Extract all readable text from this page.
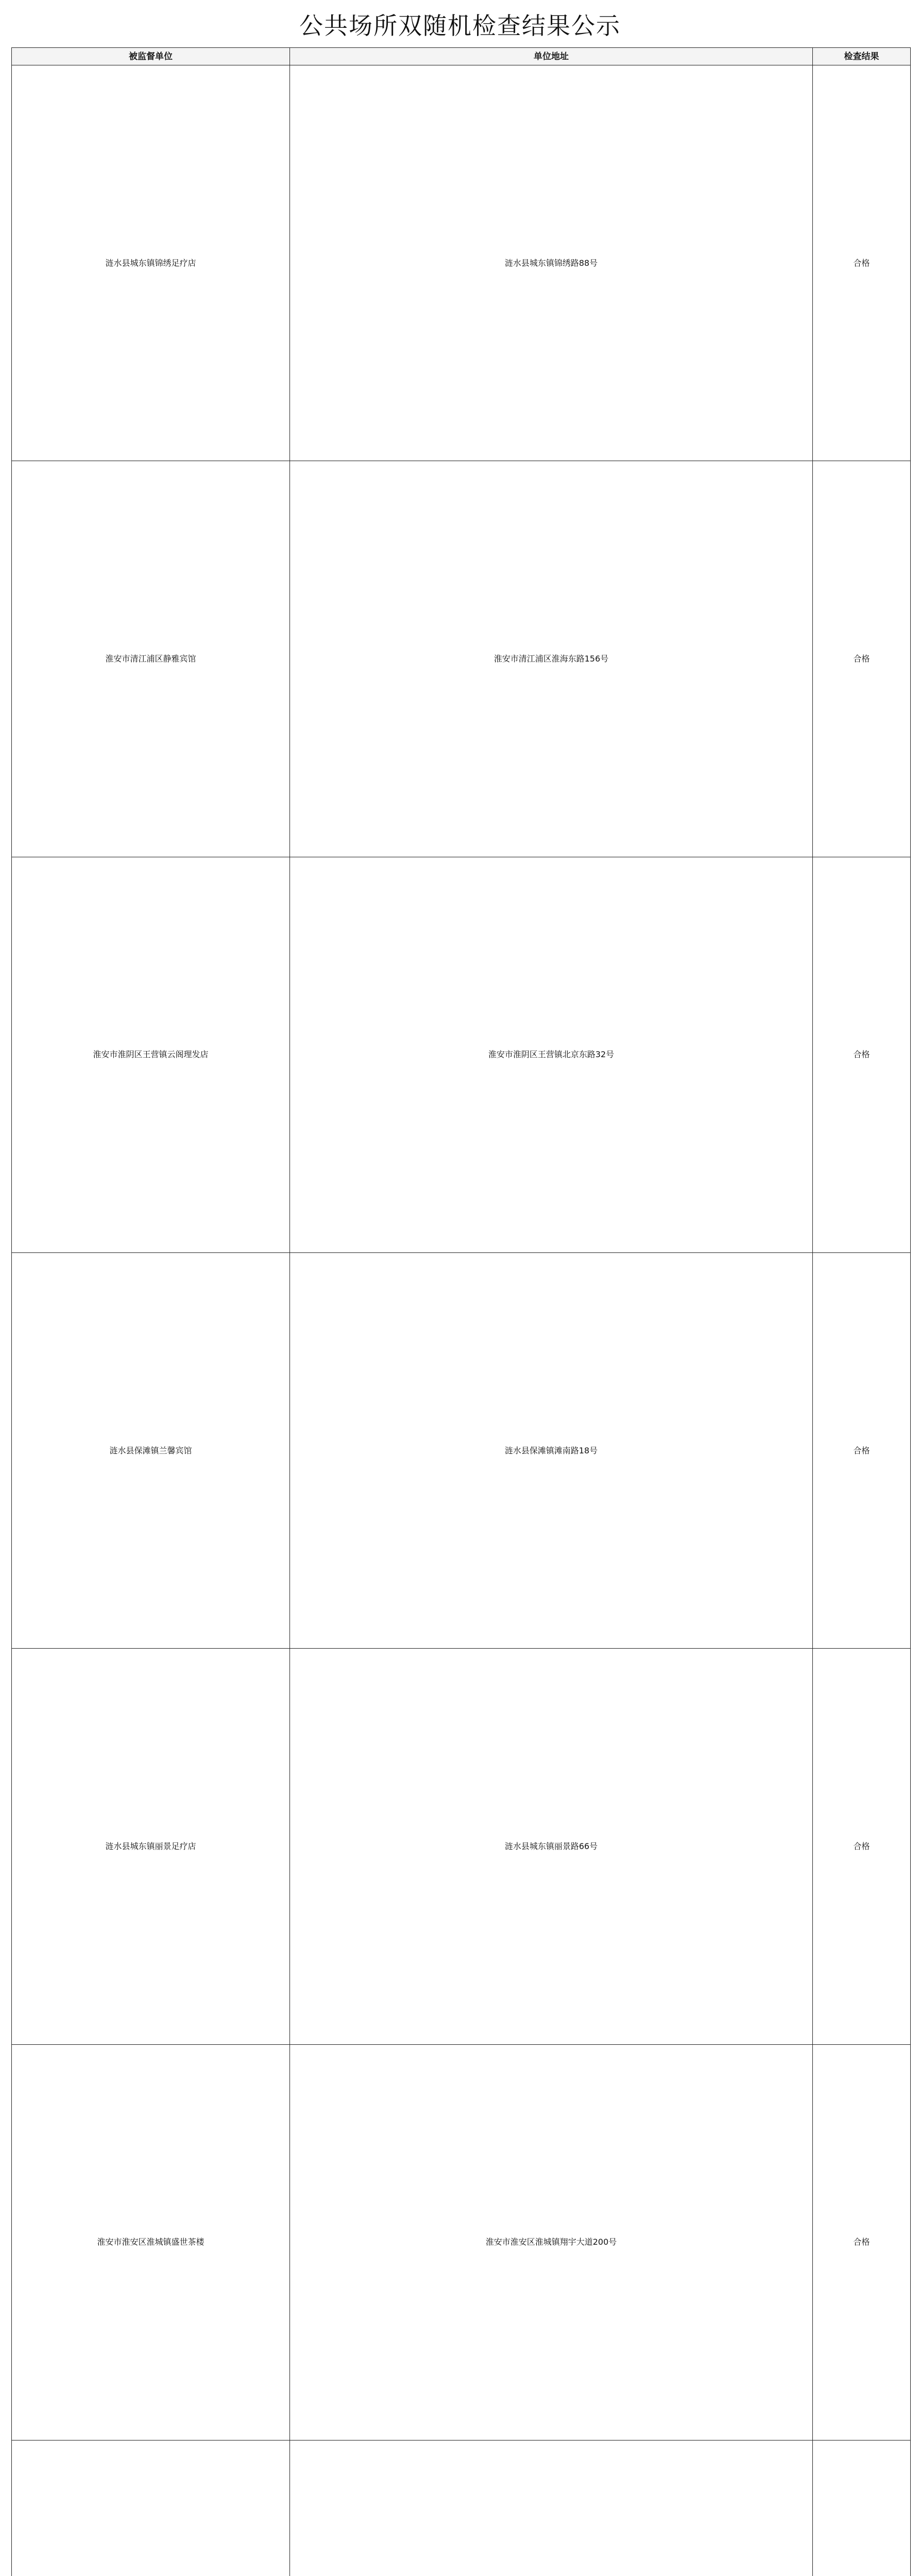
公共场所双随机检查结果公示
被监督单位	单位地址	检查结果
涟水县城东镇锦绣足疗店	涟水县城东镇锦绣路88号	合格
淮安市清江浦区静雅宾馆	淮安市清江浦区淮海东路156号	合格
淮安市淮阴区王营镇云阁理发店	淮安市淮阴区王营镇北京东路32号	合格
涟水县保滩镇兰馨宾馆	涟水县保滩镇滩南路18号	合格
涟水县城东镇丽景足疗店	涟水县城东镇丽景路66号	合格
淮安市淮安区淮城镇盛世茶楼	淮安市淮安区淮城镇翔宇大道200号	合格
